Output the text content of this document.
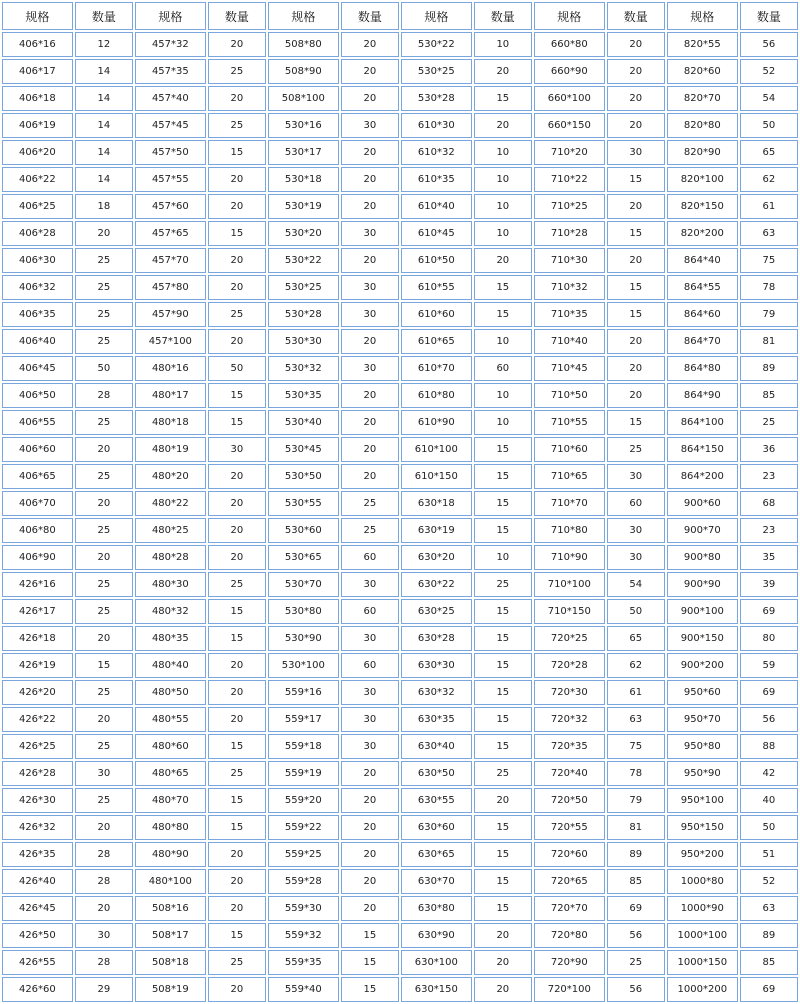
规格	数量	规格	数量	规格	数量	规格	数量	规格	数量	规格	数量
406*16	12	457*32	20	508*80	20	530*22	10	660*80	20	820*55	56
406*17	14	457*35	25	508*90	20	530*25	20	660*90	20	820*60	52
406*18	14	457*40	20	508*100	20	530*28	15	660*100	20	820*70	54
406*19	14	457*45	25	530*16	30	610*30	20	660*150	20	820*80	50
406*20	14	457*50	15	530*17	20	610*32	10	710*20	30	820*90	65
406*22	14	457*55	20	530*18	20	610*35	10	710*22	15	820*100	62
406*25	18	457*60	20	530*19	20	610*40	10	710*25	20	820*150	61
406*28	20	457*65	15	530*20	30	610*45	10	710*28	15	820*200	63
406*30	25	457*70	20	530*22	20	610*50	20	710*30	20	864*40	75
406*32	25	457*80	20	530*25	30	610*55	15	710*32	15	864*55	78
406*35	25	457*90	25	530*28	30	610*60	15	710*35	15	864*60	79
406*40	25	457*100	20	530*30	20	610*65	10	710*40	20	864*70	81
406*45	50	480*16	50	530*32	30	610*70	60	710*45	20	864*80	89
406*50	28	480*17	15	530*35	20	610*80	10	710*50	20	864*90	85
406*55	25	480*18	15	530*40	20	610*90	10	710*55	15	864*100	25
406*60	20	480*19	30	530*45	20	610*100	15	710*60	25	864*150	36
406*65	25	480*20	20	530*50	20	610*150	15	710*65	30	864*200	23
406*70	20	480*22	20	530*55	25	630*18	15	710*70	60	900*60	68
406*80	25	480*25	20	530*60	25	630*19	15	710*80	30	900*70	23
406*90	20	480*28	20	530*65	60	630*20	10	710*90	30	900*80	35
426*16	25	480*30	25	530*70	30	630*22	25	710*100	54	900*90	39
426*17	25	480*32	15	530*80	60	630*25	15	710*150	50	900*100	69
426*18	20	480*35	15	530*90	30	630*28	15	720*25	65	900*150	80
426*19	15	480*40	20	530*100	60	630*30	15	720*28	62	900*200	59
426*20	25	480*50	20	559*16	30	630*32	15	720*30	61	950*60	69
426*22	20	480*55	20	559*17	30	630*35	15	720*32	63	950*70	56
426*25	25	480*60	15	559*18	30	630*40	15	720*35	75	950*80	88
426*28	30	480*65	25	559*19	20	630*50	25	720*40	78	950*90	42
426*30	25	480*70	15	559*20	20	630*55	20	720*50	79	950*100	40
426*32	20	480*80	15	559*22	20	630*60	15	720*55	81	950*150	50
426*35	28	480*90	20	559*25	20	630*65	15	720*60	89	950*200	51
426*40	28	480*100	20	559*28	20	630*70	15	720*65	85	1000*80	52
426*45	20	508*16	20	559*30	20	630*80	15	720*70	69	1000*90	63
426*50	30	508*17	15	559*32	15	630*90	20	720*80	56	1000*100	89
426*55	28	508*18	25	559*35	15	630*100	20	720*90	25	1000*150	85
426*60	29	508*19	20	559*40	15	630*150	20	720*100	56	1000*200	69
